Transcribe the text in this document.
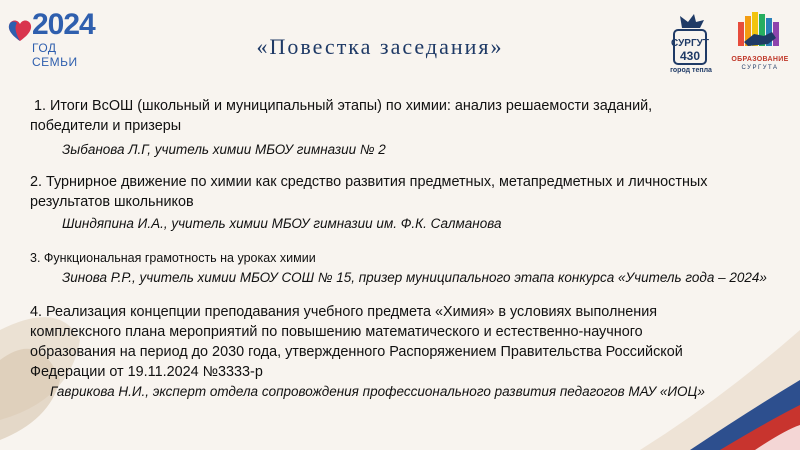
2024
ГОД СЕМЬИ
«Повестка заседания»	СУРГУТ
430
город тепла
ОБРАЗОВАНИЕ
СУРГУТА
1. Итоги ВсОШ (школьный и муниципальный этапы) по химии: анализ решаемости заданий,
победители и призеры
Зыбанова Л.Г, учитель химии МБОУ гимназии № 2
2. Турнирное движение по химии как средство развития предметных, метапредметных и личностных
результатов школьников
Шиндяпина И.А., учитель химии МБОУ гимназии им. Ф.К. Салманова
3. Функциональная грамотность на уроках химии
Зинова Р.Р., учитель химии МБОУ СОШ № 15, призер муниципального этапа конкурса «Учитель года – 2024»
4. Реализация концепции преподавания учебного предмета «Химия» в условиях выполнения
комплексного плана мероприятий по повышению математического и естественно-научного
образования на период до 2030 года, утвержденного Распоряжением Правительства Российской
Федерации от 19.11.2024 №3333-р
Гаврикова Н.И., эксперт отдела сопровождения профессионального развития педагогов МАУ «ИОЦ»
